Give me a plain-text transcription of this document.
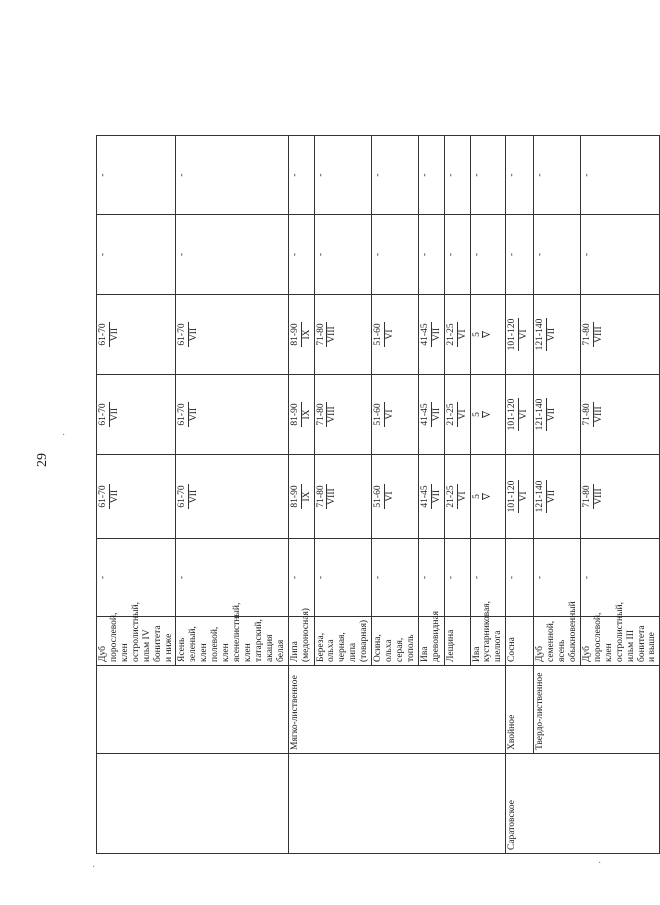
29
·
·	·
		Дуб порослевой, клен остролистный, ильм IV бонитета и ниже	-	61-70 VII	61-70 VII	61-70 VII	-	-
		Ясень зеленый, клен полевой, клен ясенелистный, клен татарский, акация белая	-	61-70 VII	61-70 VII	61-70 VII	-	-
	Мягко-лиственное	Липа (медоносная)	-	81-90 IX	81-90 IX	81-90 IX	-	-
		Береза, ольха черная, липа (товарная)	-	71-80 VIII	71-80 VIII	71-80 VIII	-	-
		Осина, ольха серая, тополь	-	51-60 VI	51-60 VI	51-60 VI	-	-
		Ива древовидная	-	41-45 VII	41-45 VII	41-45 VII	-	-
		Лещина	-	21-25 VI	21-25 VI	21-25 VI	-	-
		Ива кустарниковая, шелюга	-	5 V	5 V	5 V	-	-
Саратовское	Хвойное	Сосна	-	101-120 VI	101-120 VI	101-120 VI	-	-
	Твердо-лиственное	Дуб семенной, ясень обыкновенный	-	121-140 VII	121-140 VII	121-140 VII	-	-
		Дуб порослевой, клен остролистный, ильм III бонитета и выше	-	71-80 VIII	71-80 VIII	71-80 VIII	-	-
